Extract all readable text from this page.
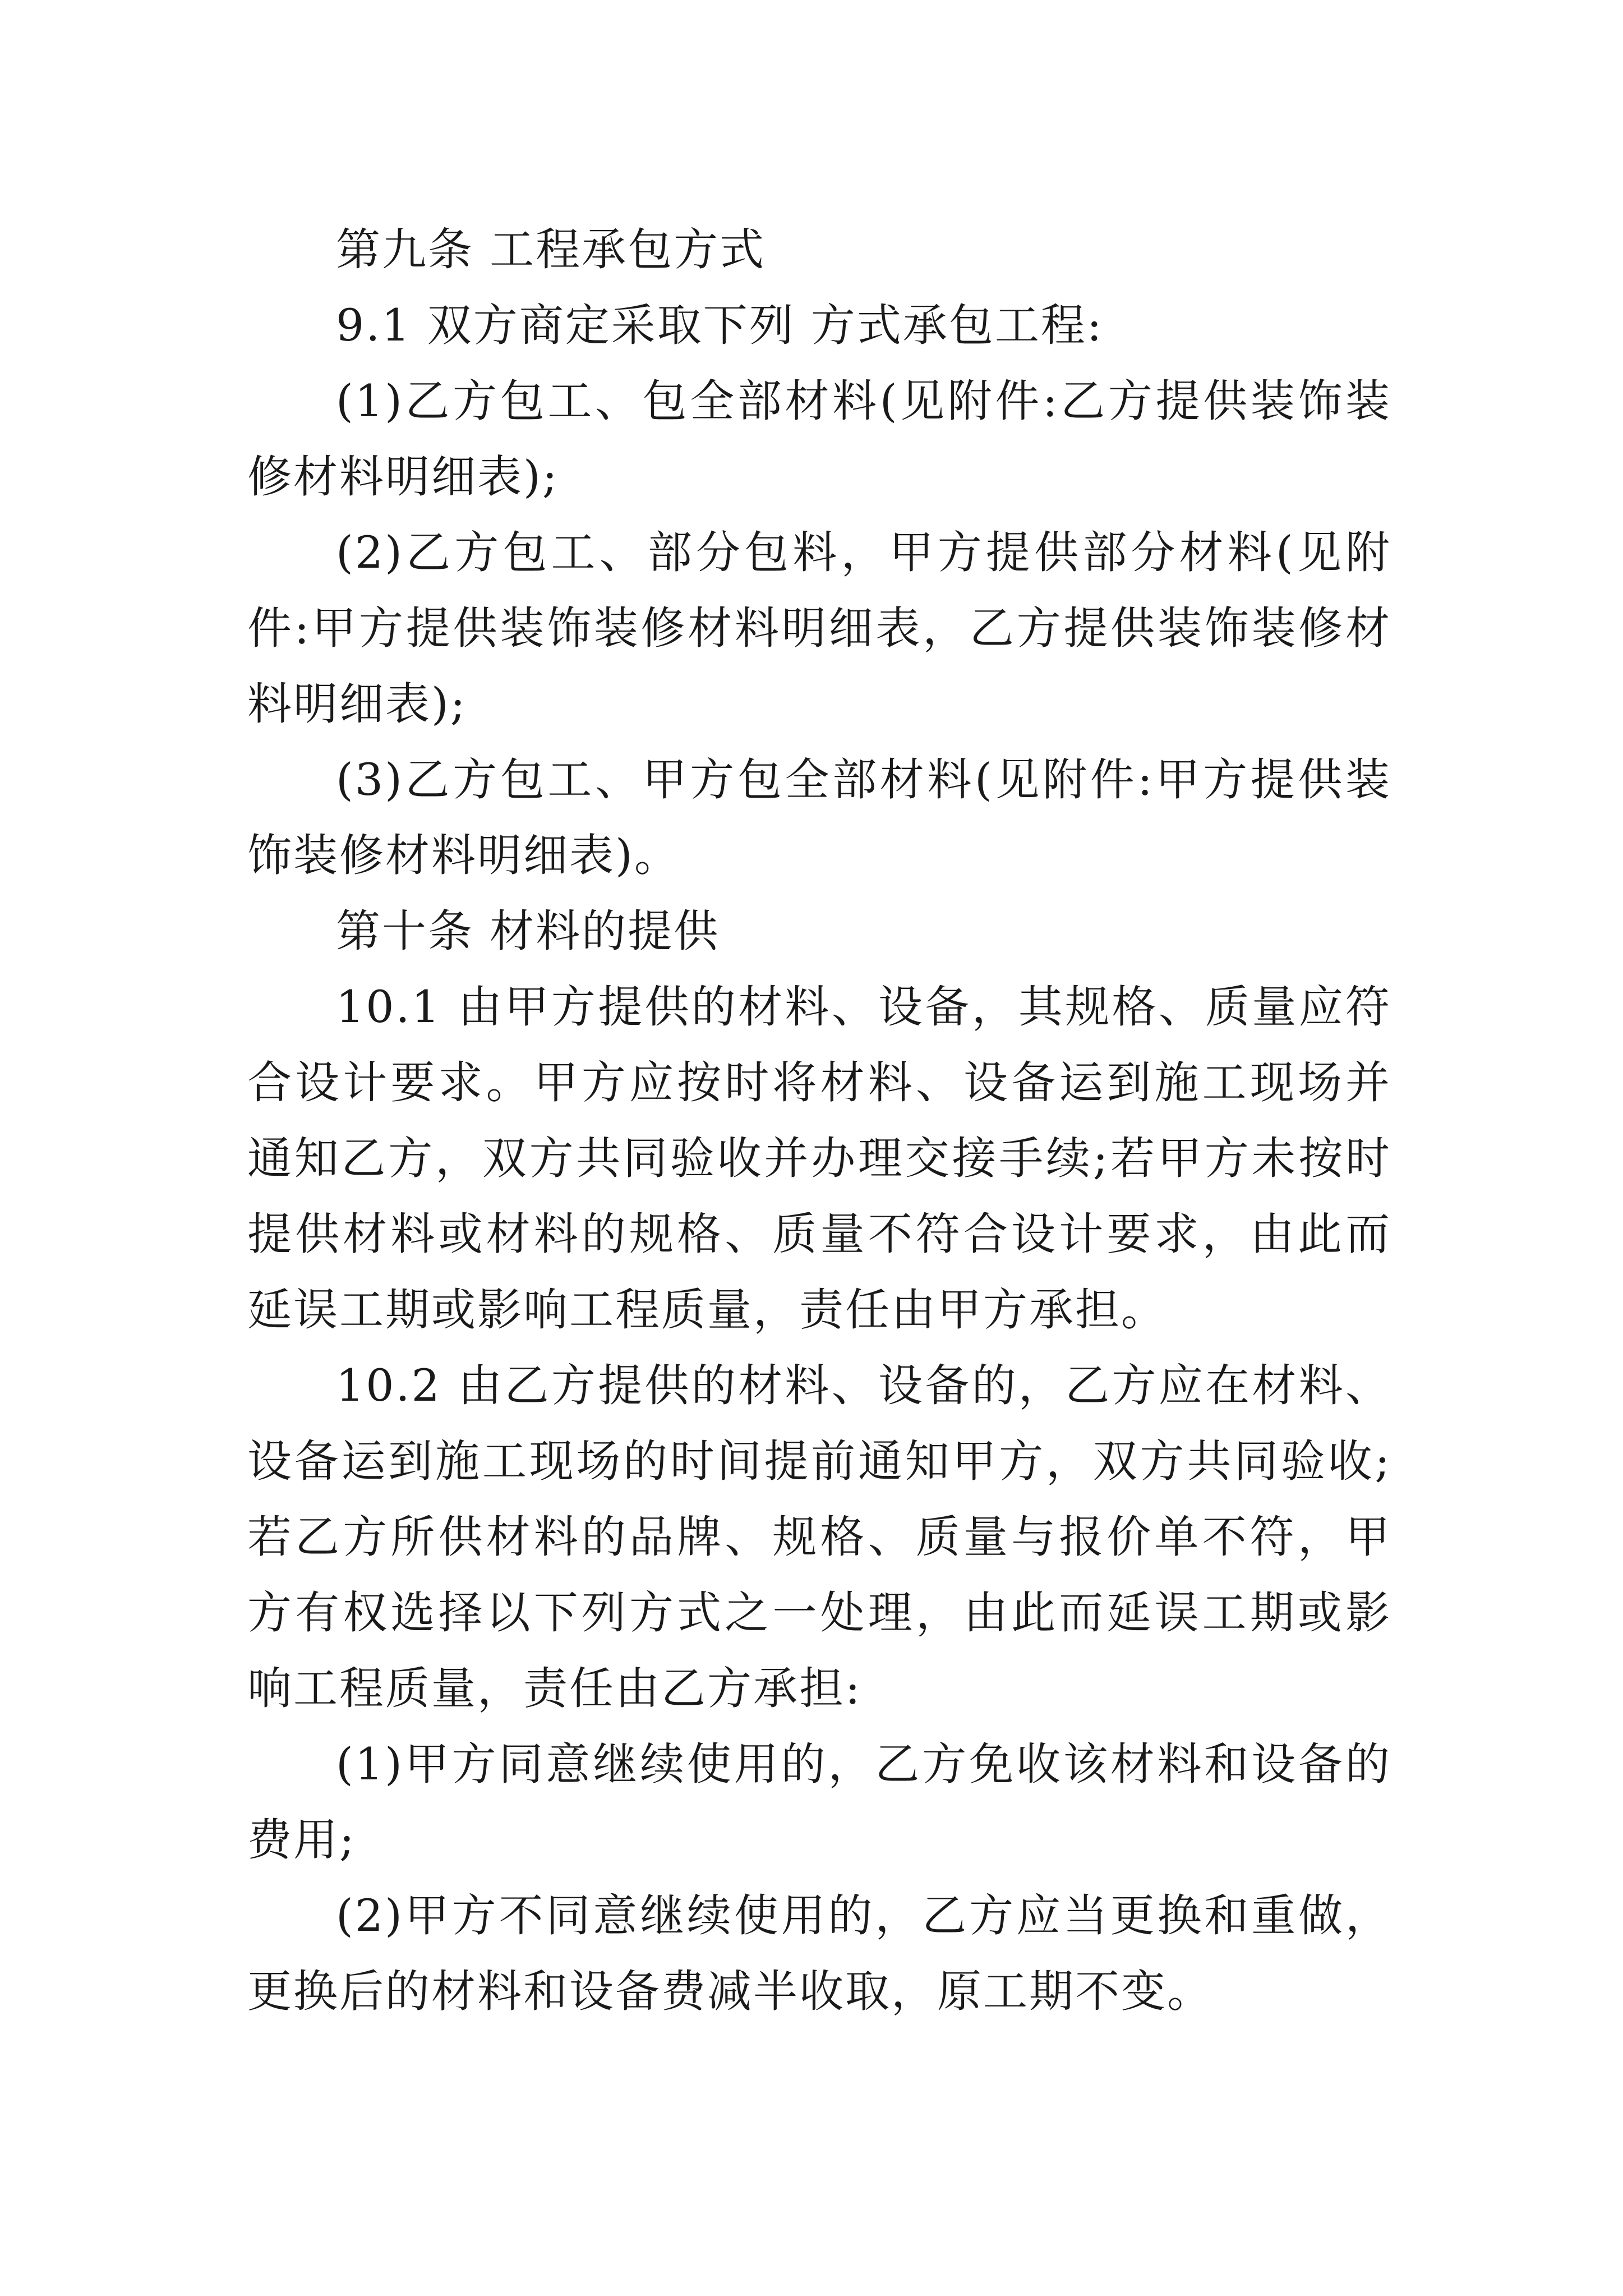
第九条 工程承包方式

9.1 双方商定采取下列 方式承包工程:

(1)乙方包工、包全部材料(见附件:乙方提供装饰装修材料明细表);

(2)乙方包工、部分包料，甲方提供部分材料(见附件:甲方提供装饰装修材料明细表，乙方提供装饰装修材料明细表);

(3)乙方包工、甲方包全部材料(见附件:甲方提供装饰装修材料明细表)。

第十条 材料的提供

10.1 由甲方提供的材料、设备，其规格、质量应符合设计要求。甲方应按时将材料、设备运到施工现场并通知乙方，双方共同验收并办理交接手续;若甲方未按时提供材料或材料的规格、质量不符合设计要求，由此而延误工期或影响工程质量，责任由甲方承担。

10.2 由乙方提供的材料、设备的，乙方应在材料、设备运到施工现场的时间提前通知甲方，双方共同验收;若乙方所供材料的品牌、规格、质量与报价单不符，甲方有权选择以下列方式之一处理，由此而延误工期或影响工程质量，责任由乙方承担:

(1)甲方同意继续使用的，乙方免收该材料和设备的费用;

(2)甲方不同意继续使用的，乙方应当更换和重做，更换后的材料和设备费减半收取，原工期不变。
